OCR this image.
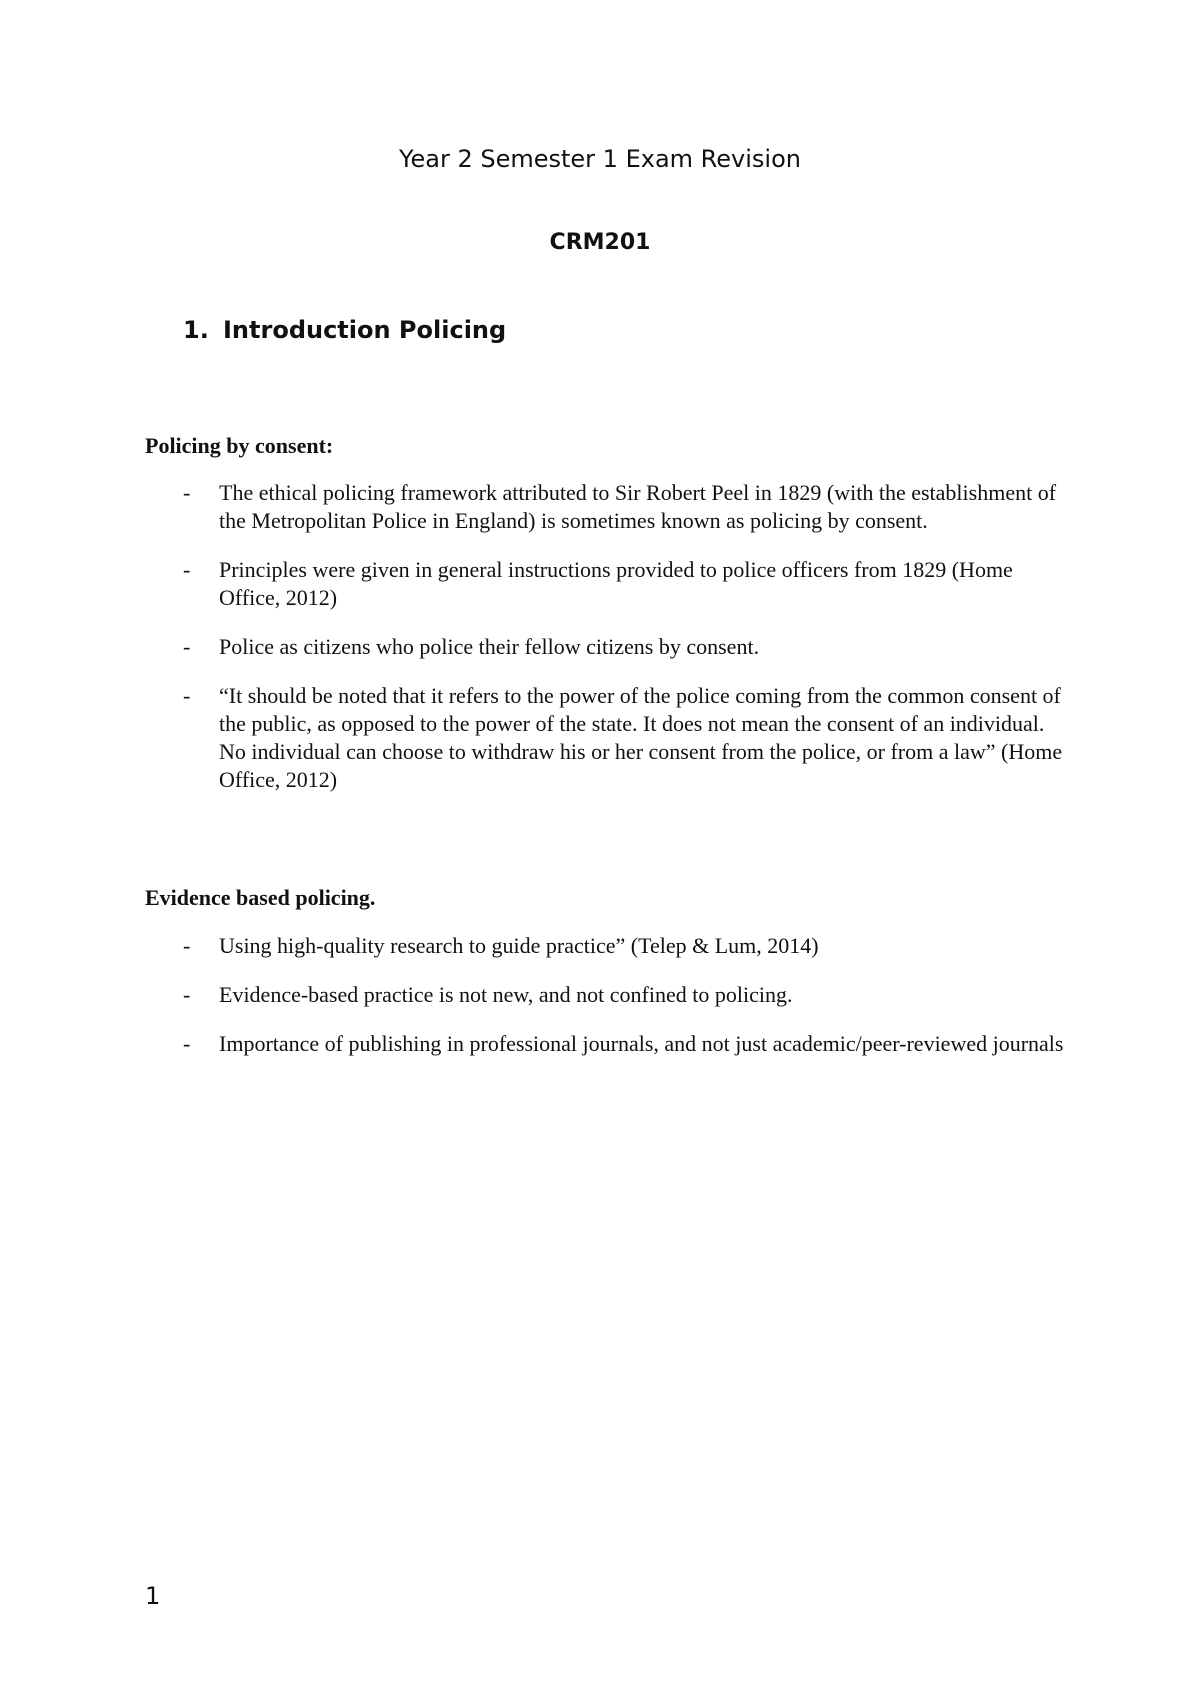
Year 2 Semester 1 Exam Revision
CRM201
1. Introduction Policing
Policing by consent:
- The ethical policing framework attributed to Sir Robert Peel in 1829 (with the establishment of the Metropolitan Police in England) is sometimes known as policing by consent.
- Principles were given in general instructions provided to police officers from 1829 (Home Office, 2012)
- Police as citizens who police their fellow citizens by consent.
- “It should be noted that it refers to the power of the police coming from the common consent of the public, as opposed to the power of the state. It does not mean the consent of an individual. No individual can choose to withdraw his or her consent from the police, or from a law” (Home Office, 2012)
Evidence based policing.
- Using high-quality research to guide practice” (Telep & Lum, 2014)
- Evidence-based practice is not new, and not confined to policing.
- Importance of publishing in professional journals, and not just academic/peer-reviewed journals
1
